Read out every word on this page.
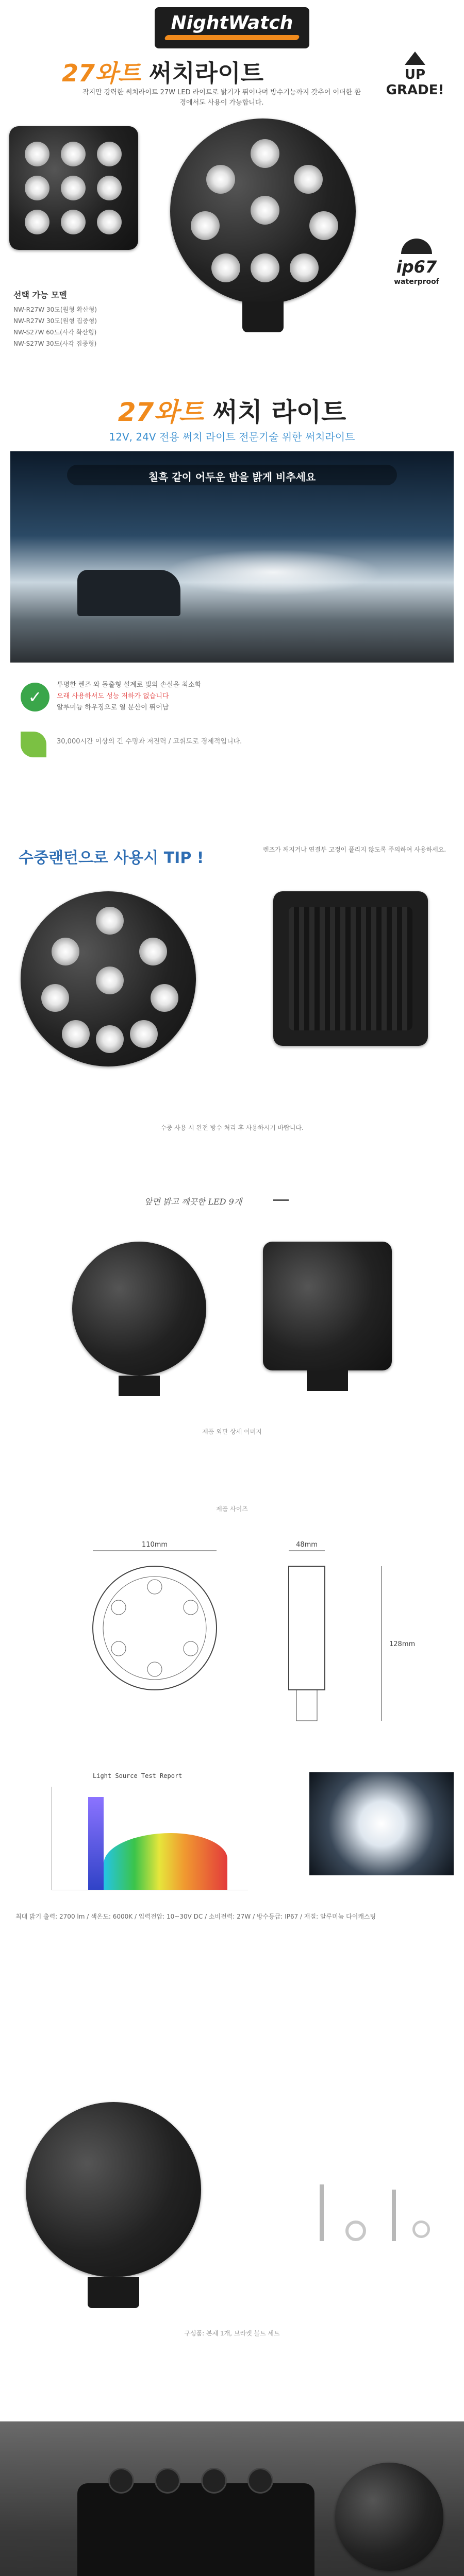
NightWatch
27와트 써치라이트	UP GRADE!
작지만 강력한 써치라이트 27W LED 라이트로 밝기가 뛰어나며 방수기능까지 갖추어 어떠한 환경에서도 사용이 가능합니다.
ip67
waterproof
선택 가능 모델
NW-R27W 30도(원형 확산형)
NW-R27W 30도(원형 집중형)
NW-S27W 60도(사각 확산형)
NW-S27W 30도(사각 집중형)
27와트 써치 라이트
12V, 24V 전용 써치 라이트 전문기술 위한 써치라이트
칠흑 같이 어두운 밤을 밝게 비추세요
✓
투명한 렌즈 와 돌출형 설계로 빛의 손실을 최소화
오래 사용하셔도 성능 저하가 없습니다
알루미늄 하우징으로 열 분산이 뛰어남
30,000시간 이상의 긴 수명과 저전력 / 고휘도로 경제적입니다.
수중랜턴으로 사용시 TIP !	렌즈가 깨지거나 연결부 고정이 풀리지 않도록 주의하여 사용하세요.
수중 사용 시 완전 방수 처리 후 사용하시기 바랍니다.
앞면 밝고 깨끗한 LED 9개
제품 외관 상세 이미지
제품 사이즈
110mm	48mm
128mm
Light Source Test Report
최대 밝기 출력: 2700 lm / 색온도: 6000K / 입력전압: 10~30V DC / 소비전력: 27W / 방수등급: IP67 / 재질: 알루미늄 다이캐스팅
구성품: 본체 1개, 브라켓 볼트 세트
